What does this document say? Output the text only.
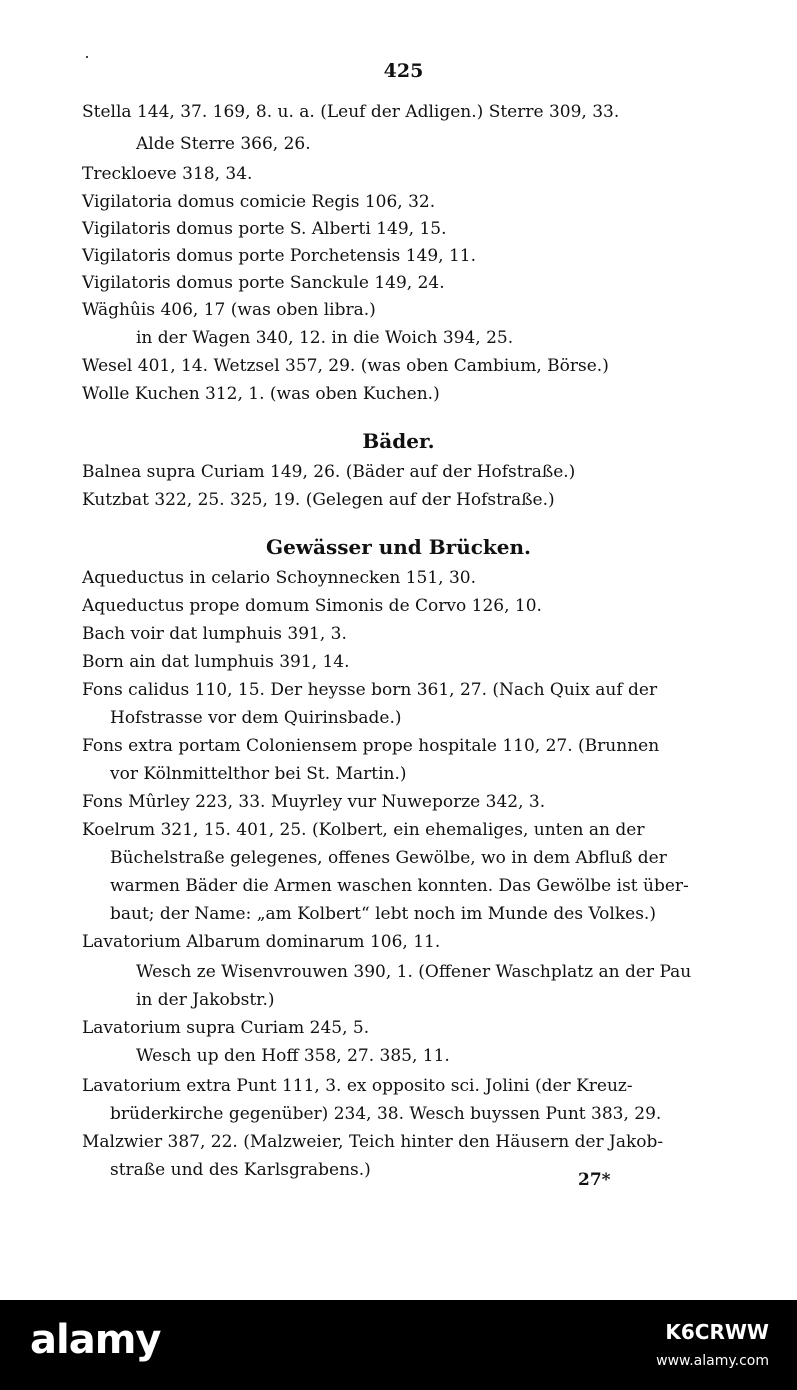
425
Stella 144, 37. 169, 8. u. a. (Leuf der Adligen.) Sterre 309, 33.
Alde Sterre 366, 26.
Treckloeve 318, 34.
Vigilatoria domus comicie Regis 106, 32.
Vigilatoris domus porte S. Alberti 149, 15.
Vigilatoris domus porte Porchetensis 149, 11.
Vigilatoris domus porte Sanckule 149, 24.
Wäghûis 406, 17 (was oben libra.)
in der Wagen 340, 12. in die Woich 394, 25.
Wesel 401, 14. Wetzsel 357, 29. (was oben Cambium, Börse.)
Wolle Kuchen 312, 1. (was oben Kuchen.)
Bäder.
Balnea supra Curiam 149, 26. (Bäder auf der Hofstraße.)
Kutzbat 322, 25. 325, 19. (Gelegen auf der Hofstraße.)
Gewässer und Brücken.
Aqueductus in celario Schoynnecken 151, 30.
Aqueductus prope domum Simonis de Corvo 126, 10.
Bach voir dat lumphuis 391, 3.
Born ain dat lumphuis 391, 14.
Fons calidus 110, 15. Der heysse born 361, 27. (Nach Quix auf der
Hofstrasse vor dem Quirinsbade.)
Fons extra portam Coloniensem prope hospitale 110, 27. (Brunnen
vor Kölnmittelthor bei St. Martin.)
Fons Mûrley 223, 33. Muyrley vur Nuweporze 342, 3.
Koelrum 321, 15. 401, 25. (Kolbert, ein ehemaliges, unten an der
Büchelstraße gelegenes, offenes Gewölbe, wo in dem Abfluß der
warmen Bäder die Armen waschen konnten. Das Gewölbe ist über-
baut; der Name: „am Kolbert“ lebt noch im Munde des Volkes.)
Lavatorium Albarum dominarum 106, 11.
Wesch ze Wisenvrouwen 390, 1. (Offener Waschplatz an der Pau
in der Jakobstr.)
Lavatorium supra Curiam 245, 5.
Wesch up den Hoff 358, 27. 385, 11.
Lavatorium extra Punt 111, 3. ex opposito sci. Jolini (der Kreuz-
brüderkirche gegenüber) 234, 38. Wesch buyssen Punt 383, 29.
Malzwier 387, 22. (Malzweier, Teich hinter den Häusern der Jakob-
straße und des Karlsgrabens.)	27*
alamy	K6CRWW
www.alamy.com
